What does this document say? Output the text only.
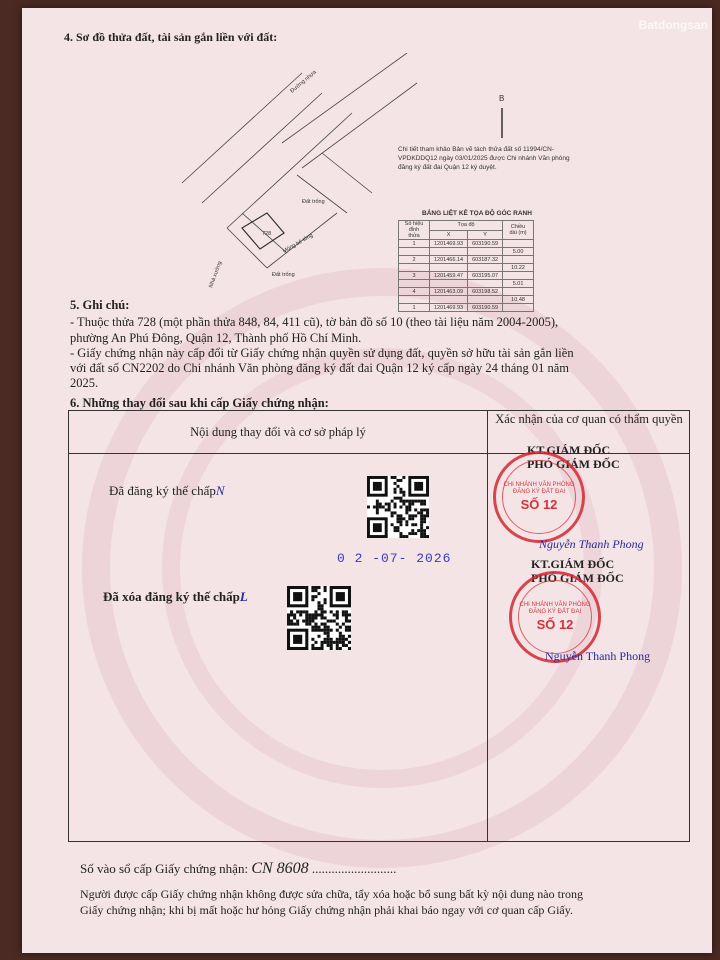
4. Sơ đồ thửa đất, tài sản gắn liền với đất:
728
Đất trống
Đất trống
Móng bê tông
Nhà xưởng
Đường nhựa
B
Chi tiết tham khảo Bản vẽ tách thửa đất số 11994/CN-VPDKDDQ12 ngày 03/01/2025 được Chi nhánh Văn phòng đăng ký đất đai Quận 12 ký duyệt.
BẢNG LIỆT KÊ TỌA ĐỘ GÓC RANH
Số hiệu đỉnh thửa	Tọa độ		Chiều dài (m)
	X	Y	
1	1201469.93	603190.59	
			5.00
2	1201466.14	603187.32	
			10.22
3	1201459.47	603195.07	
			5.01
4	1201463.09	603198.52	
			10.48
1	1201469.93	603190.59	

5. Ghi chú:

- Thuộc thửa 728 (một phần thửa 848, 84, 411 cũ), tờ bản đồ số 10 (theo tài liệu năm 2004-2005),

phường An Phú Đông, Quận 12, Thành phố Hồ Chí Minh.

- Giấy chứng nhận này cấp đổi từ Giấy chứng nhận quyền sử dụng đất, quyền sở hữu tài sản gắn liền

với đất số CN2202 do Chi nhánh Văn phòng đăng ký đất đai Quận 12 ký cấp ngày 24 tháng 01 năm

2025.

6. Những thay đổi sau khi cấp Giấy chứng nhận:
Nội dung thay đổi và cơ sở pháp lý
Xác nhận của cơ quan có thẩm quyền
Đã đăng ký thế chấpN
0 2 -07- 2026
Đã xóa đăng ký thế chấpL
KT.GIÁM ĐỐC
PHÓ GIÁM ĐỐC
CHI NHÁNH VĂN PHÒNG ĐĂNG KÝ ĐẤT ĐAI
SỐ 12
Nguyễn Thanh Phong
KT.GIÁM ĐỐC
PHÓ GIÁM ĐỐC
CHI NHÁNH VĂN PHÒNG ĐĂNG KÝ ĐẤT ĐAI
SỐ 12
Nguyễn Thanh Phong
Số vào sổ cấp Giấy chứng nhận: CN 8608 ..........................
Người được cấp Giấy chứng nhận không được sửa chữa, tẩy xóa hoặc bổ sung bất kỳ nội dung nào trong
Giấy chứng nhận; khi bị mất hoặc hư hỏng Giấy chứng nhận phải khai báo ngay với cơ quan cấp Giấy.
Batdongsan
